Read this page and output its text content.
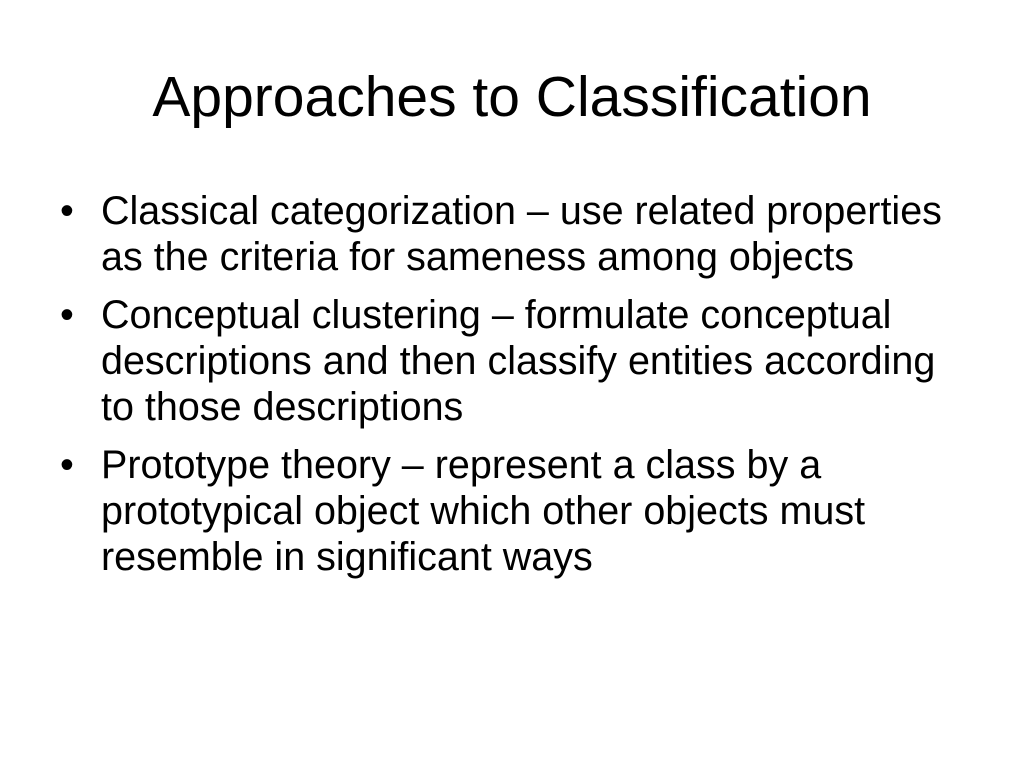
Approaches to Classification
• Classical categorization – use related properties as the criteria for sameness among objects
• Conceptual clustering – formulate conceptual descriptions and then classify entities according to those descriptions
• Prototype theory – represent a class by a prototypical object which other objects must resemble in significant ways
